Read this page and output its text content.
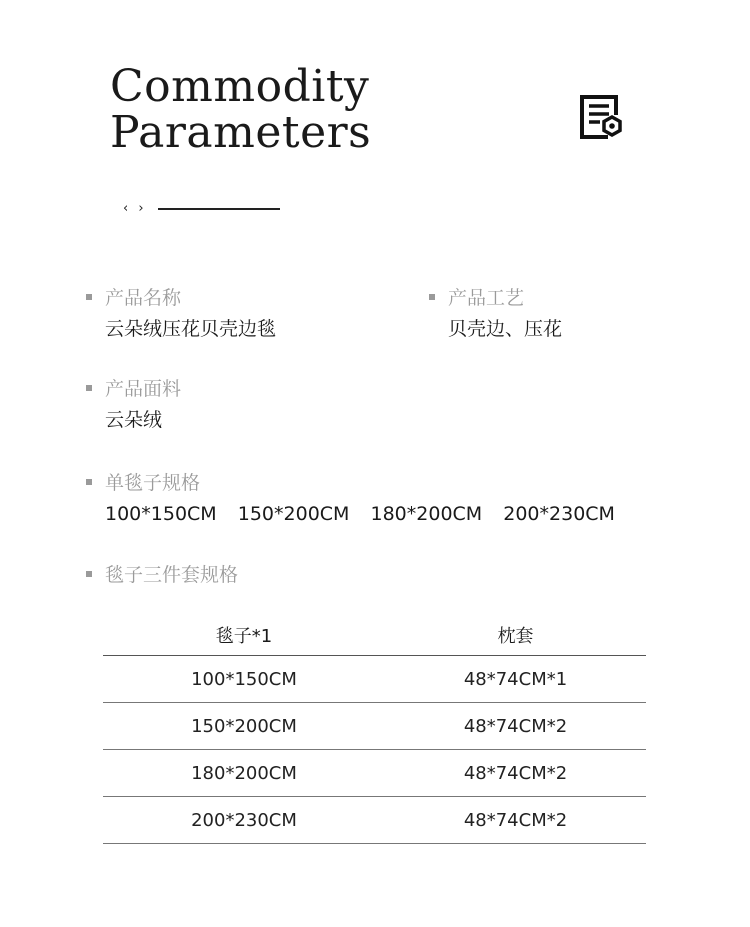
Commodity
Parameters
‹ ›
产品名称
云朵绒压花贝壳边毯
产品工艺
贝壳边、压花
产品面料
云朵绒
单毯子规格
100*150CM 150*200CM 180*200CM 200*230CM
毯子三件套规格
毯子*1	枕套
100*150CM	48*74CM*1
150*200CM	48*74CM*2
180*200CM	48*74CM*2
200*230CM	48*74CM*2
